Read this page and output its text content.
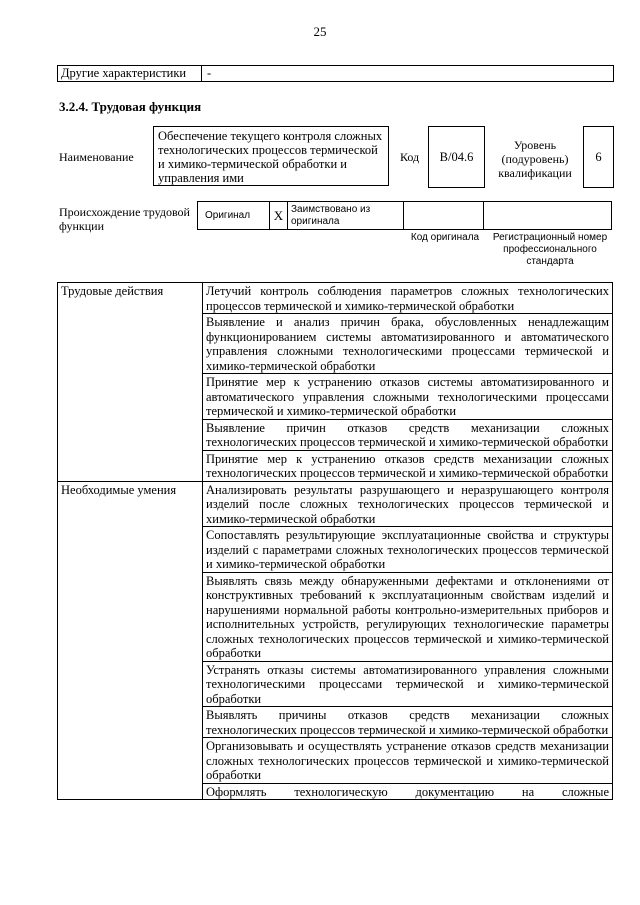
25
Другие характеристики	-
3.2.4. Трудовая функция
Наименование
Обеспечение текущего контроля сложных технологических процессов термической и химико-термической обработки и управления ими
Код	B/04.6
Уровень (подуровень) квалификации
6
Происхождение трудовой функции
Оригинал	X Заимствовано из оригинала
Код оригинала	Регистрационный номер профессионального стандарта
Трудовые действия	Летучий контроль соблюдения параметров сложных технологических процессов термической и химико-термической обработки
	Выявление и анализ причин брака, обусловленных ненадлежащим функционированием системы автоматизированного и автоматического управления сложными технологическими процессами термической и химико-термической обработки
	Принятие мер к устранению отказов системы автоматизированного и автоматического управления сложными технологическими процессами термической и химико-термической обработки
	Выявление причин отказов средств механизации сложных технологических процессов термической и химико-термической обработки
	Принятие мер к устранению отказов средств механизации сложных технологических процессов термической и химико-термической обработки
Необходимые умения	Анализировать результаты разрушающего и неразрушающего контроля изделий после сложных технологических процессов термической и химико-термической обработки
	Сопоставлять результирующие эксплуатационные свойства и структуры изделий с параметрами сложных технологических процессов термической и химико-термической обработки
	Выявлять связь между обнаруженными дефектами и отклонениями от конструктивных требований к эксплуатационным свойствам изделий и нарушениями нормальной работы контрольно-измерительных приборов и исполнительных устройств, регулирующих технологические параметры сложных технологических процессов термической и химико-термической обработки
	Устранять отказы системы автоматизированного управления сложными технологическими процессами термической и химико-термической обработки
	Выявлять причины отказов средств механизации сложных технологических процессов термической и химико-термической обработки
	Организовывать и осуществлять устранение отказов средств механизации сложных технологических процессов термической и химико-термической обработки
	Оформлять технологическую документацию на сложные
